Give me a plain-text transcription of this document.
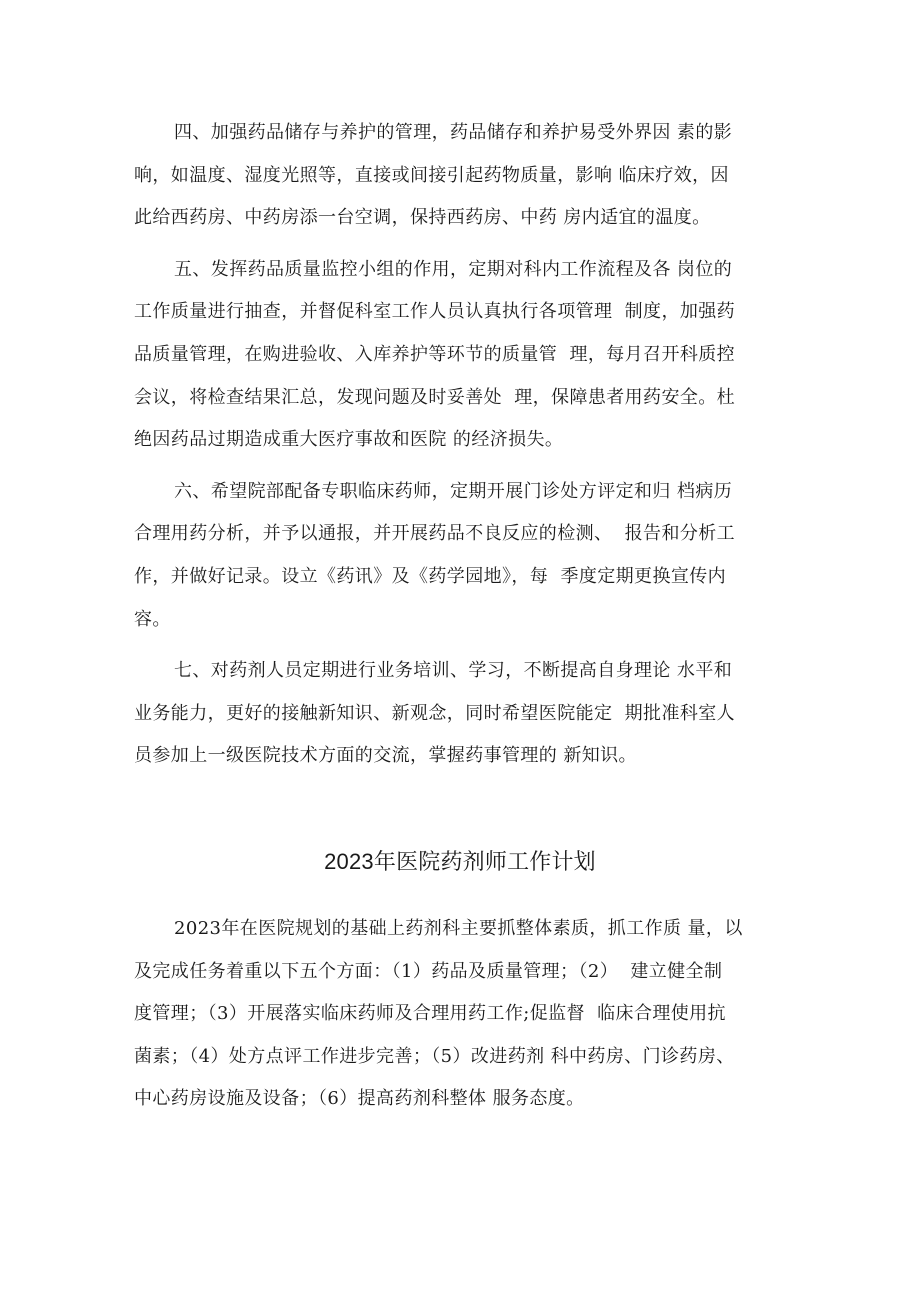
四、加强药品储存与养护的管理，药品储存和养护易受外界因 素的影
响，如温度、湿度光照等，直接或间接引起药物质量，影响 临床疗效，因
此给西药房、中药房添一台空调，保持西药房、中药 房内适宜的温度。

五、发挥药品质量监控小组的作用，定期对科内工作流程及各 岗位的
工作质量进行抽查，并督促科室工作人员认真执行各项管理  制度，加强药
品质量管理，在购进验收、入库养护等环节的质量管  理，每月召开科质控
会议，将检查结果汇总，发现问题及时妥善处  理，保障患者用药安全。杜
绝因药品过期造成重大医疗事故和医院 的经济损失。

六、希望院部配备专职临床药师，定期开展门诊处方评定和归 档病历
合理用药分析，并予以通报，并开展药品不良反应的检测、  报告和分析工
作，并做好记录。设立《药讯》及《药学园地》，每  季度定期更换宣传内
容。

七、对药剂人员定期进行业务培训、学习，不断提高自身理论 水平和
业务能力，更好的接触新知识、新观念，同时希望医院能定  期批准科室人
员参加上一级医院技术方面的交流，掌握药事管理的 新知识。

2023年医院药剂师工作计划

2023年在医院规划的基础上药剂科主要抓整体素质，抓工作质 量，以
及完成任务着重以下五个方面：（1）药品及质量管理；（2）  建立健全制
度管理；（3）开展落实临床药师及合理用药工作;促监督  临床合理使用抗
菌素；（4）处方点评工作进步完善；（5）改进药剂 科中药房、门诊药房、
中心药房设施及设备；（6）提高药剂科整体 服务态度。
